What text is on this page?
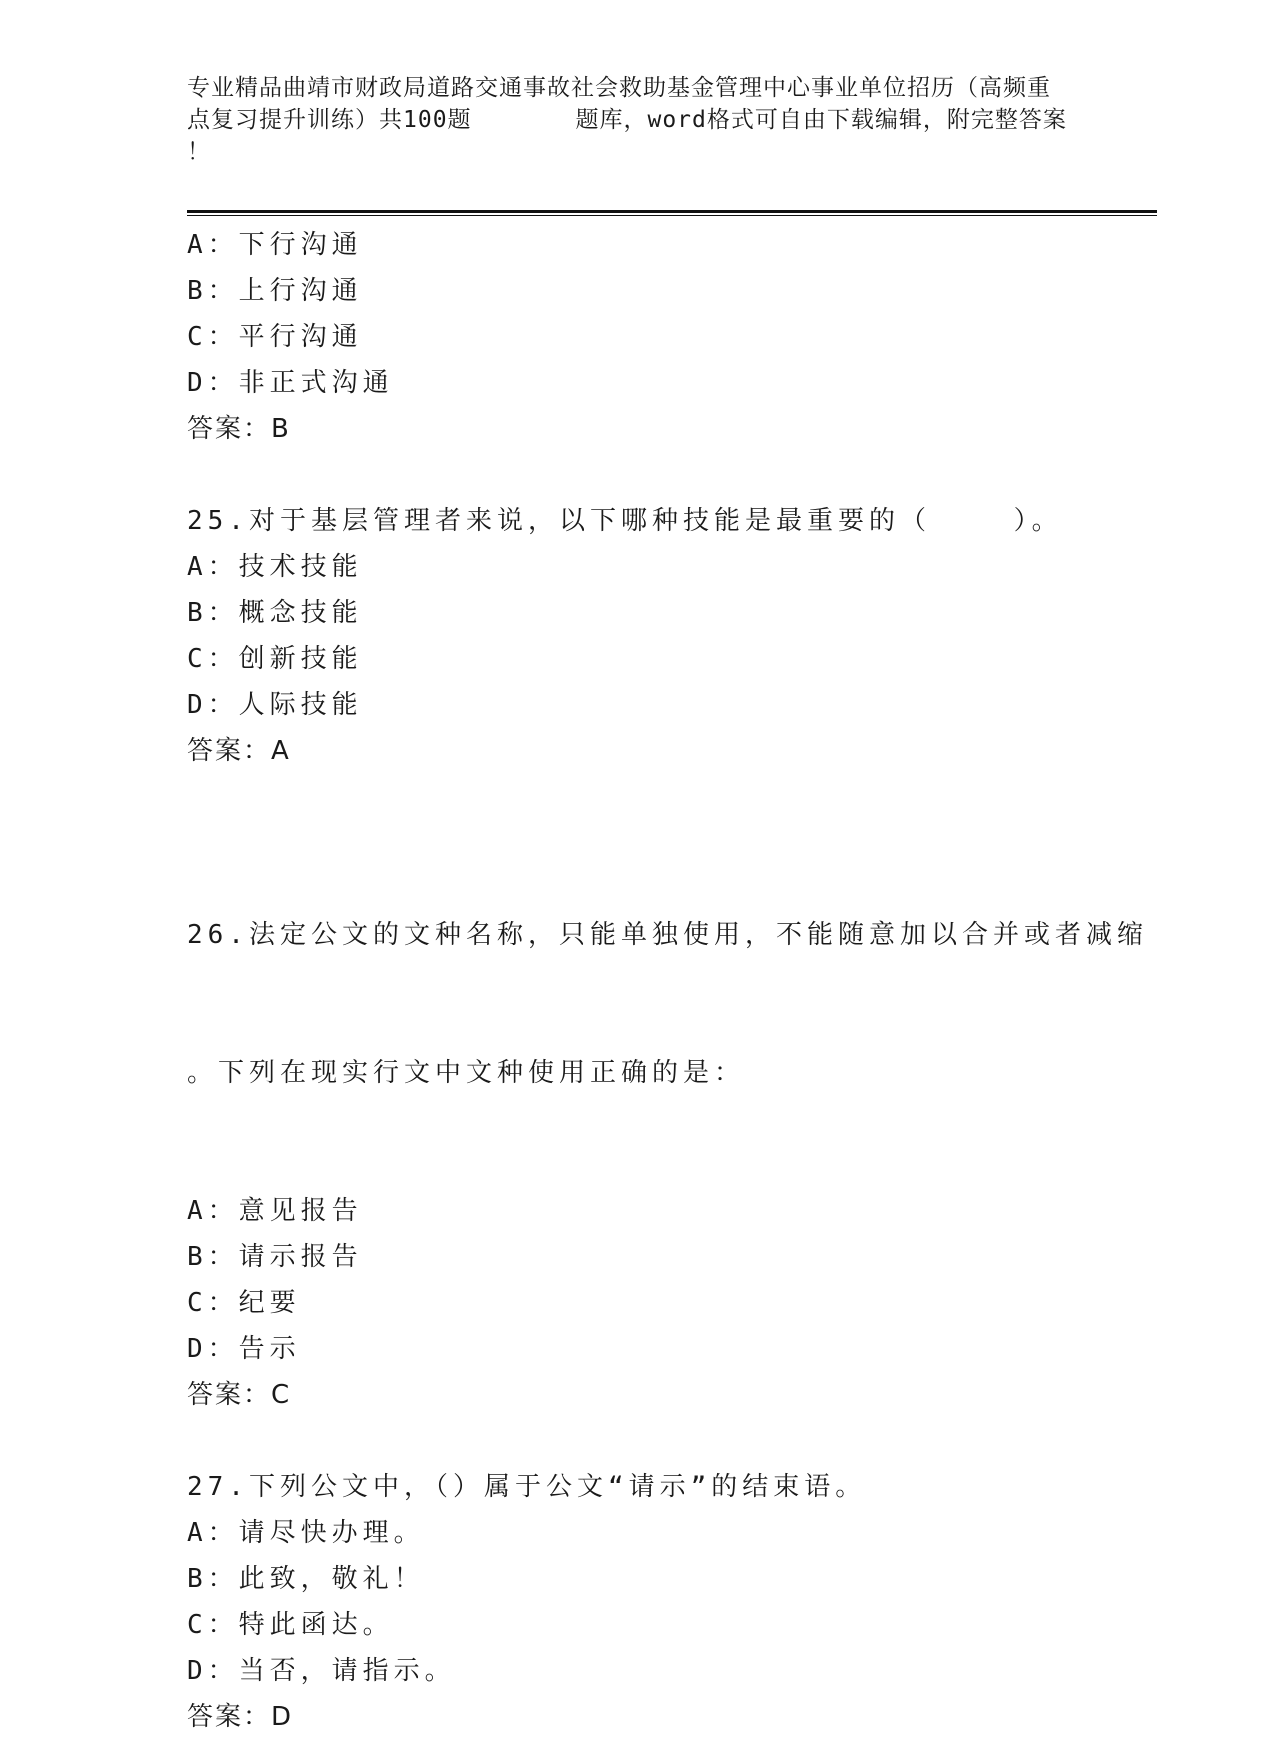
专业精品曲靖市财政局道路交通事故社会救助基金管理中心事业单位招历（高频重
点复习提升训练）共100题       题库，word格式可自由下载编辑，附完整答案
！
A：下行沟通
B：上行沟通
C：平行沟通
D：非正式沟通
答案：B
25.对于基层管理者来说，以下哪种技能是最重要的（    ）。
A：技术技能
B：概念技能
C：创新技能
D：人际技能
答案：A

26.法定公文的文种名称，只能单独使用，不能随意加以合并或者减缩

。下列在现实行文中文种使用正确的是：

A：意见报告
B：请示报告
C：纪要
D：告示
答案：C
27.下列公文中，（）属于公文“请示”的结束语。
A：请尽快办理。
B：此致，敬礼！
C：特此函达。
D：当否，请指示。
答案：D
